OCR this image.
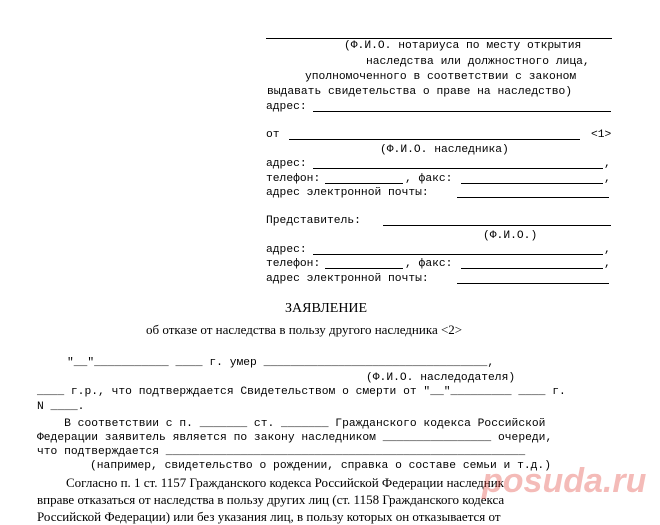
(Ф.И.О. нотариуса по месту открытия
наследства или должностного лица,
уполномоченного в соответствии с законом
выдавать свидетельства о праве на наследство)
адрес:
от	<1>
(Ф.И.О. наследника)
адрес:	,
телефон:	, факс:	,
адрес электронной почты:
Представитель:
(Ф.И.О.)
адрес:	,
телефон:	, факс:	,
адрес электронной почты:
ЗАЯВЛЕНИЕ
об отказе от наследства в пользу другого наследника <2>
"__"___________ ____ г. умер _________________________________,
(Ф.И.О. наследодателя)
____ г.р., что подтверждается Свидетельством о смерти от "__"_________ ____ г.
N ____.
В соответствии с п. _______ ст. _______ Гражданского кодекса Российской
Федерации заявитель является по закону наследником ________________ очереди,
что подтверждается _____________________________________________________
(например, свидетельство о рождении, справка о составе семьи и т.д.)
Согласно п. 1 ст. 1157 Гражданского кодекса Российской Федерации наследник
вправе отказаться от наследства в пользу других лиц (ст. 1158 Гражданского кодекса
Российской Федерации) или без указания лиц, в пользу которых он отказывается от
posuda.ru
